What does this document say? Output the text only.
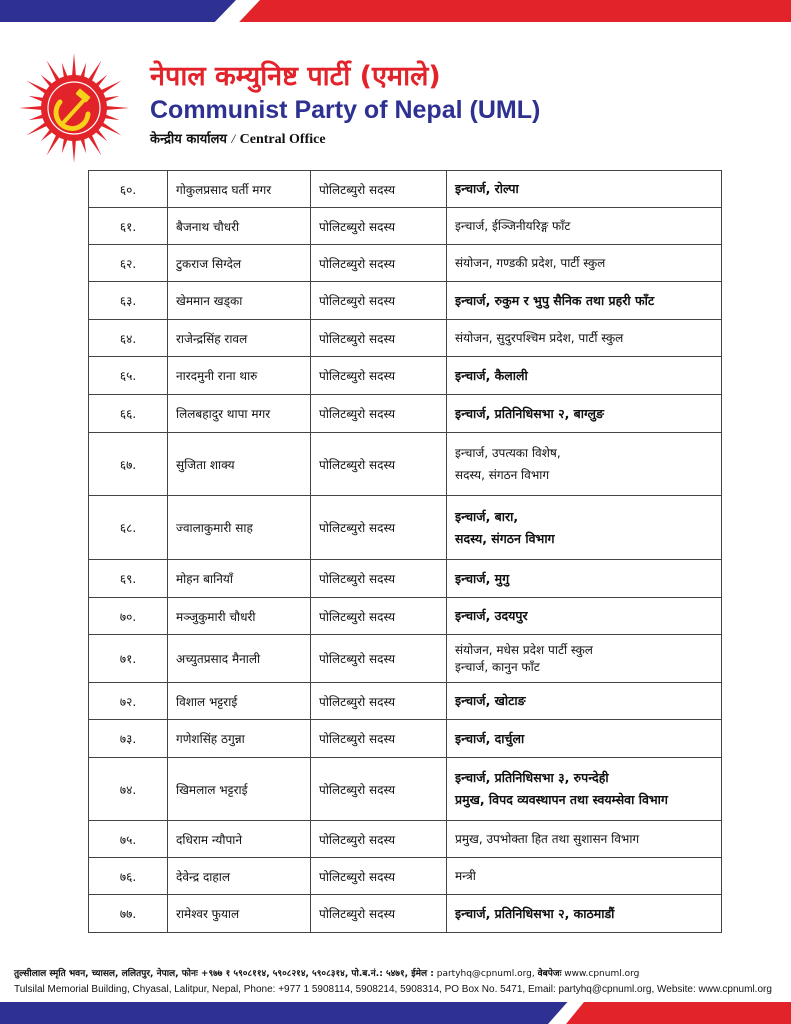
नेपाल कम्युनिष्ट पार्टी (एमाले)
Communist Party of Nepal (UML)
केन्द्रीय कार्यालय / Central Office
६०.	गोकुलप्रसाद घर्ती मगर	पोलिटब्युरो सदस्य	इन्चार्ज, रोल्पा

६१.	बैजनाथ चौधरी	पोलिटब्युरो सदस्य	इन्चार्ज, ईञ्जिनीयरिङ्ग फाँट

६२.	टुकराज सिग्देल	पोलिटब्युरो सदस्य	संयोजन, गण्डकी प्रदेश, पार्टी स्कुल

६३.	खेममान खड्का	पोलिटब्युरो सदस्य	इन्चार्ज, रुकुम र भुपु सैनिक तथा प्रहरी फाँट

६४.	राजेन्द्रसिंह रावल	पोलिटब्युरो सदस्य	संयोजन, सुदुरपश्चिम प्रदेश, पार्टी स्कुल

६५.	नारदमुनी राना थारु	पोलिटब्युरो सदस्य	इन्चार्ज, कैलाली

६६.	लिलबहादुर थापा मगर	पोलिटब्युरो सदस्य	इन्चार्ज, प्रतिनिधिसभा २, बाग्लुङ

६७.	सुजिता शाक्य	पोलिटब्युरो सदस्य	इन्चार्ज, उपत्यका विशेष,
सदस्य, संगठन विभाग

६८.	ज्वालाकुमारी साह	पोलिटब्युरो सदस्य	इन्चार्ज, बारा,
सदस्य, संगठन विभाग

६९.	मोहन बानियाँ	पोलिटब्युरो सदस्य	इन्चार्ज, मुगु

७०.	मञ्जुकुमारी चौधरी	पोलिटब्युरो सदस्य	इन्चार्ज, उदयपुर

७१.	अच्युतप्रसाद मैनाली	पोलिटब्युरो सदस्य	संयोजन, मधेस प्रदेश पार्टी स्कुल
इन्चार्ज, कानुन फाँट

७२.	विशाल भट्टराई	पोलिटब्युरो सदस्य	इन्चार्ज, खोटाङ

७३.	गणेशसिंह ठगुन्ना	पोलिटब्युरो सदस्य	इन्चार्ज, दार्चुला

७४.	खिमलाल भट्टराई	पोलिटब्युरो सदस्य	इन्चार्ज, प्रतिनिधिसभा ३, रुपन्देही
प्रमुख, विपद व्यवस्थापन तथा स्वयम्सेवा विभाग

७५.	दधिराम न्यौपाने	पोलिटब्युरो सदस्य	प्रमुख, उपभोक्ता हित तथा सुशासन विभाग

७६.	देवेन्द्र दाहाल	पोलिटब्युरो सदस्य	मन्त्री

७७.	रामेश्वर फुयाल	पोलिटब्युरो सदस्य	इन्चार्ज, प्रतिनिधिसभा २, काठमाडौं
तुल्सीलाल स्मृति भवन, च्यासल, ललितपुर, नेपाल, फोनः +९७७ १ ५९०८११४, ५९०८२१४, ५९०८३१४, पो.ब.नं.: ५४७१, ईमेल : partyhq@cpnuml.org, वेबपेजः www.cpnuml.org
Tulsilal Memorial Building, Chyasal, Lalitpur, Nepal, Phone: +977 1 5908114, 5908214, 5908314, PO Box No. 5471, Email: partyhq@cpnuml.org, Website: www.cpnuml.org
